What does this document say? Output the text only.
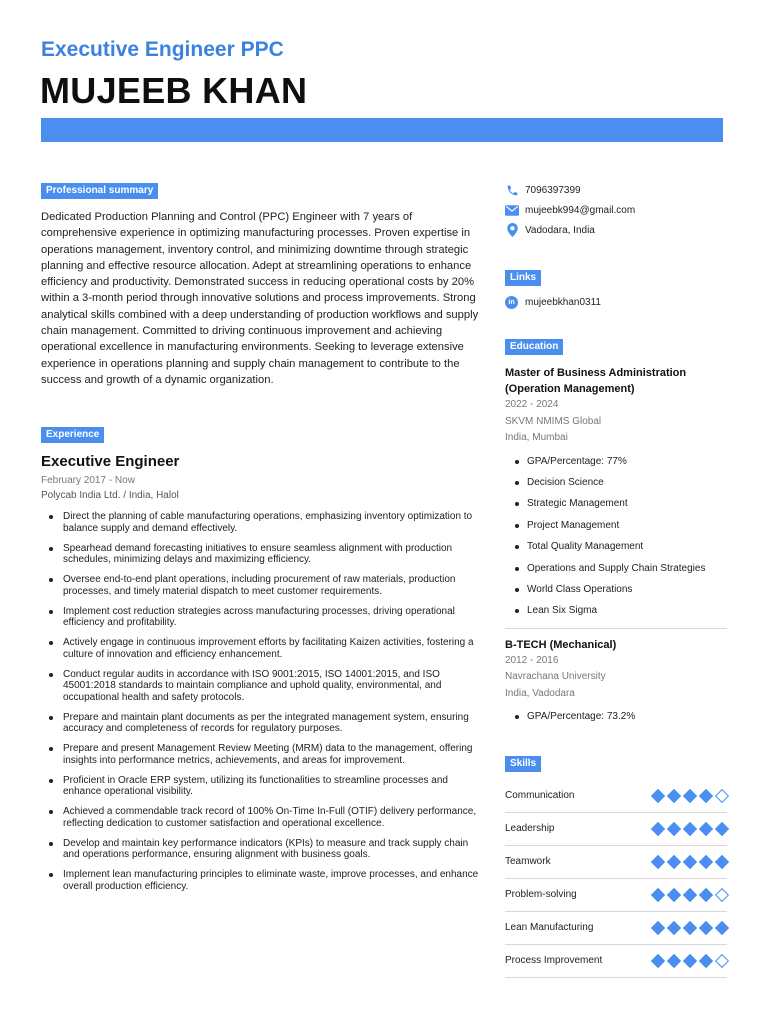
Executive Engineer PPC
MUJEEB KHAN
Professional summary

Dedicated Production Planning and Control (PPC) Engineer with 7 years of comprehensive experience in optimizing manufacturing processes. Proven expertise in operations management, inventory control, and minimizing downtime through strategic planning and effective resource allocation. Adept at streamlining operations to enhance efficiency and productivity. Demonstrated success in reducing operational costs by 20% within a 3-month period through innovative solutions and process improvements. Strong analytical skills combined with a deep understanding of production workflows and supply chain management. Committed to driving continuous improvement and achieving operational excellence in manufacturing environments. Seeking to leverage extensive experience in operations planning and supply chain management to contribute to the success and growth of a dynamic organization.

Experience
Executive Engineer
February 2017 - Now
Polycab India Ltd. / India, Halol
Direct the planning of cable manufacturing operations, emphasizing inventory optimization to balance supply and demand effectively.
Spearhead demand forecasting initiatives to ensure seamless alignment with production schedules, minimizing delays and maximizing efficiency.
Oversee end-to-end plant operations, including procurement of raw materials, production processes, and timely material dispatch to meet customer requirements.
Implement cost reduction strategies across manufacturing processes, driving operational efficiency and profitability.
Actively engage in continuous improvement efforts by facilitating Kaizen activities, fostering a culture of innovation and efficiency enhancement.
Conduct regular audits in accordance with ISO 9001:2015, ISO 14001:2015, and ISO 45001:2018 standards to maintain compliance and uphold quality, environmental, and occupational health and safety protocols.
Prepare and maintain plant documents as per the integrated management system, ensuring accuracy and completeness of records for regulatory purposes.
Prepare and present Management Review Meeting (MRM) data to the management, offering insights into performance metrics, achievements, and areas for improvement.
Proficient in Oracle ERP system, utilizing its functionalities to streamline processes and enhance operational visibility.
Achieved a commendable track record of 100% On-Time In-Full (OTIF) delivery performance, reflecting dedication to customer satisfaction and operational excellence.
Develop and maintain key performance indicators (KPIs) to measure and track supply chain and operations performance, ensuring alignment with business goals.
Implement lean manufacturing principles to eliminate waste, improve processes, and enhance overall production efficiency.
7096397399
mujeebk994@gmail.com
Vadodara, India
Links
in	mujeebkhan0311
Education
Master of Business Administration (Operation Management)
2022 - 2024
SKVM NMIMS Global
India, Mumbai
GPA/Percentage: 77%
Decision Science
Strategic Management
Project Management
Total Quality Management
Operations and Supply Chain Strategies
World Class Operations
Lean Six Sigma
B-TECH (Mechanical)
2012 - 2016
Navrachana University
India, Vadodara
GPA/Percentage: 73.2%
Skills
Communication
Leadership
Teamwork
Problem-solving
Lean Manufacturing
Process Improvement
